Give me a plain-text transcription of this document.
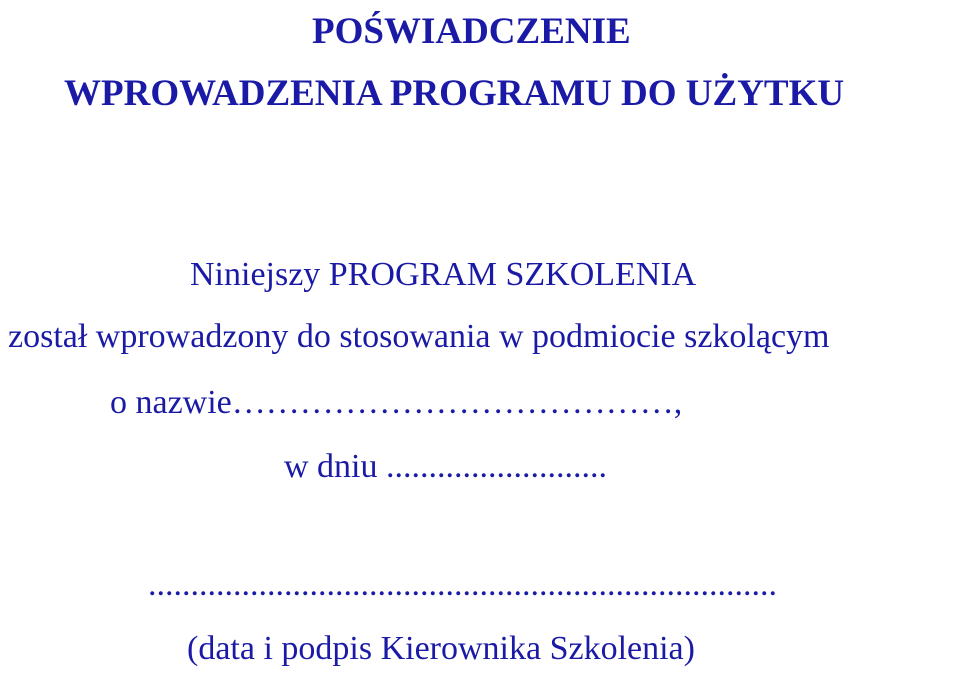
POŚWIADCZENIE
WPROWADZENIA PROGRAMU DO UŻYTKU
Niniejszy PROGRAM SZKOLENIA
został wprowadzony do stosowania w podmiocie szkolącym
o nazwie…………………………………,
w dniu ..........................
..........................................................................
(data i podpis Kierownika Szkolenia)
